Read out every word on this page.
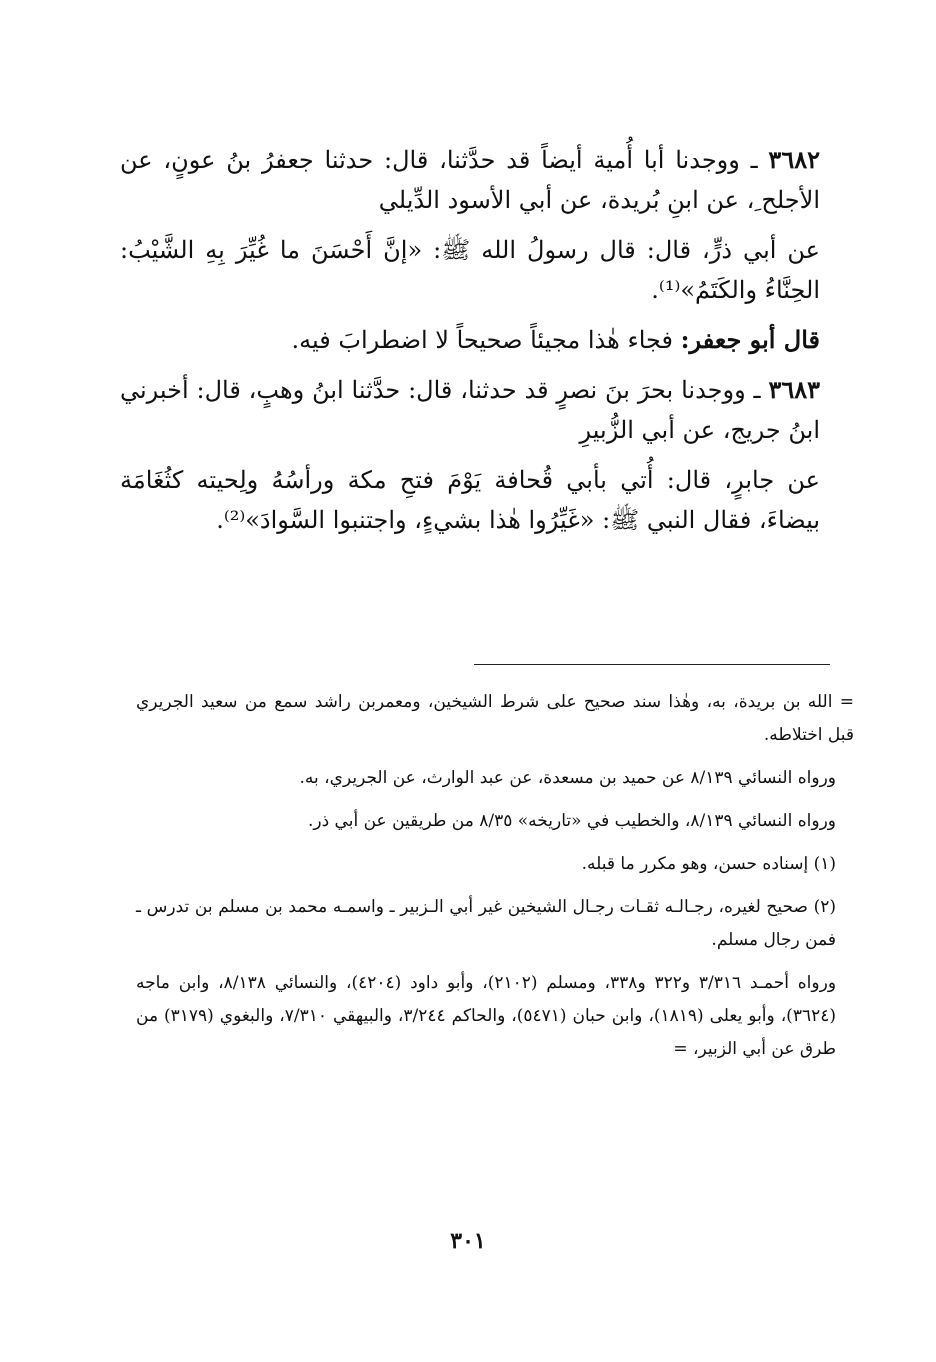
٣٦٨٢ ـ ووجدنا أبا أُمية أيضاً قد حدَّثنا، قال: حدثنا جعفرُ بنُ عونٍ، عن الأجلح ِ، عن ابنِ بُريدة، عن أبي الأسود الدِّيلي

عن أبي ذرٍّ، قال: قال رسولُ الله ﷺ: «إنَّ أَحْسَنَ ما غُيِّرَ بِهِ الشَّيْبُ: الحِنَّاءُ والكَتَمُ»⁽¹⁾.

قال أبو جعفر: فجاء هٰذا مجيئاً صحيحاً لا اضطرابَ فيه.

٣٦٨٣ ـ ووجدنا بحرَ بنَ نصرٍ قد حدثنا، قال: حدَّثنا ابنُ وهبٍ، قال: أخبرني ابنُ جريج، عن أبي الزُّبيرِ

عن جابرٍ، قال: أُتي بأبي قُحافة يَوْمَ فتحِ مكة ورأسُهُ ولِحيته كثُغَامَة بيضاءَ، فقال النبي ﷺ: «غَيِّرُوا هٰذا بشيءٍ، واجتنبوا السَّوادَ»⁽²⁾.

= الله بن بريدة، به، وهٰذا سند صحيح على شرط الشيخين، ومعمربن راشد سمع من سعيد الجريري قبل اختلاطه.

ورواه النسائي ٨/١٣٩ عن حميد بن مسعدة، عن عبد الوارث، عن الجريري، به.

ورواه النسائي ٨/١٣٩، والخطيب في «تاريخه» ٨/٣٥ من طريقين عن أبي ذر.

(١) إسناده حسن، وهو مكرر ما قبله.

(٢) صحيح لغيره، رجـالـه ثقـات رجـال الشيخين غير أبي الـزبير ـ واسمـه محمد بن مسلم بن تدرس ـ فمن رجال مسلم.

ورواه أحمـد ٣/٣١٦ و٣٢٢ و٣٣٨، ومسلم (٢١٠٢)، وأبو داود (٤٢٠٤)، والنسائي ٨/١٣٨، وابن ماجه (٣٦٢٤)، وأبو يعلى (١٨١٩)، وابن حبان (٥٤٧١)، والحاكم ٣/٢٤٤، والبيهقي ٧/٣١٠، والبغوي (٣١٧٩) من طرق عن أبي الزبير، =

٣٠١
